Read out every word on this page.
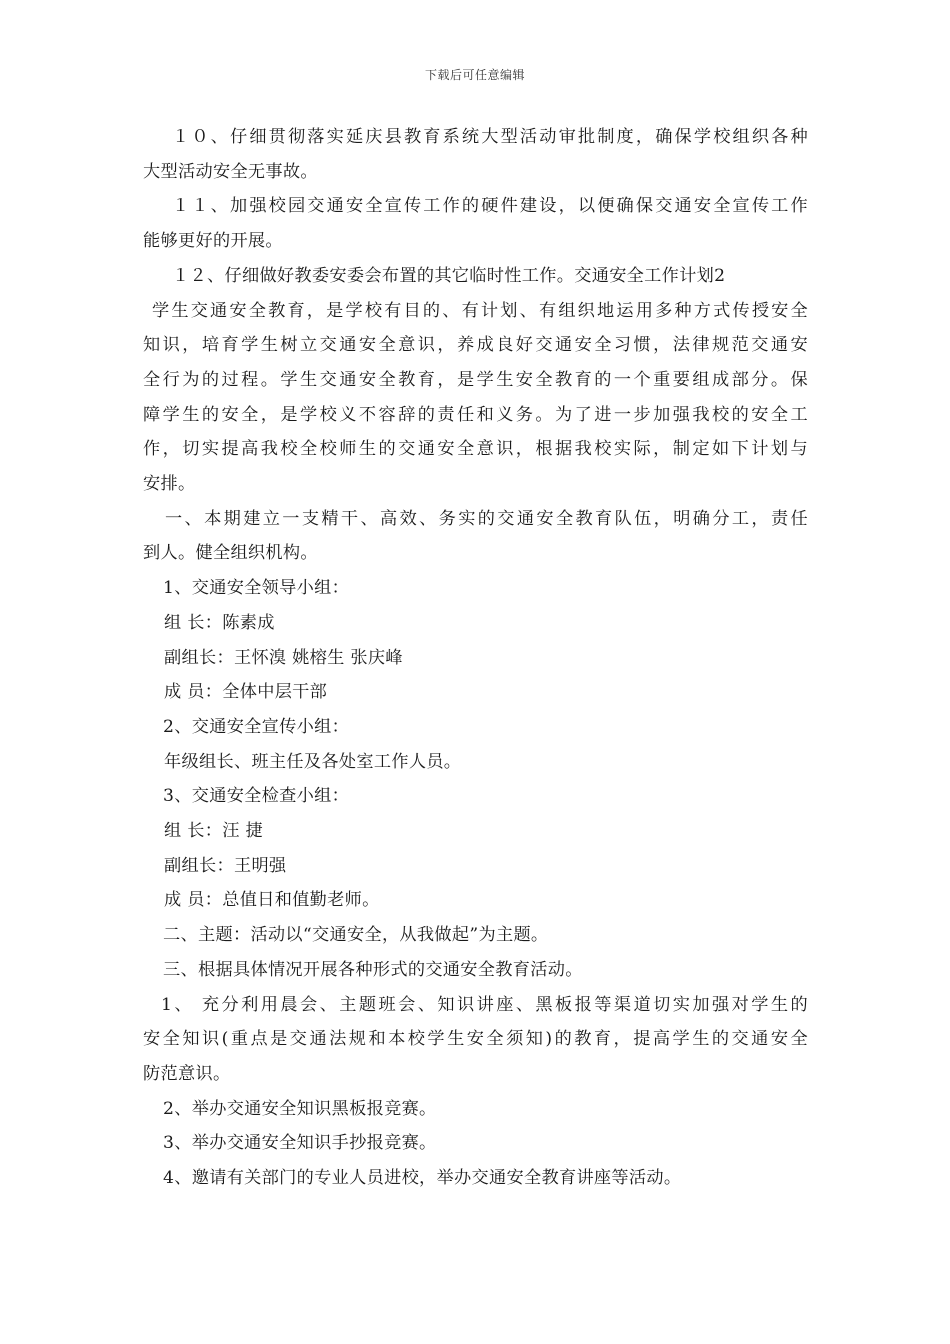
下载后可任意编辑

１０、仔细贯彻落实延庆县教育系统大型活动审批制度，确保学校组织各种

大型活动安全无事故。

１１、加强校园交通安全宣传工作的硬件建设，以便确保交通安全宣传工作

能够更好的开展。

１２、仔细做好教委安委会布置的其它临时性工作。交通安全工作计划2

学生交通安全教育，是学校有目的、有计划、有组织地运用多种方式传授安全

知识，培育学生树立交通安全意识，养成良好交通安全习惯，法律规范交通安

全行为的过程。学生交通安全教育，是学生安全教育的一个重要组成部分。保

障学生的安全，是学校义不容辞的责任和义务。为了进一步加强我校的安全工

作，切实提高我校全校师生的交通安全意识，根据我校实际，制定如下计划与

安排。

一、本期建立一支精干、高效、务实的交通安全教育队伍，明确分工，责任

到人。健全组织机构。

1、交通安全领导小组：

组 长：陈素成

副组长：王怀溴 姚榕生 张庆峰

成 员：全体中层干部

2、交通安全宣传小组：

年级组长、班主任及各处室工作人员。

3、交通安全检查小组：

组 长：汪 捷

副组长：王明强

成 员：总值日和值勤老师。

二、主题：活动以“交通安全，从我做起”为主题。

三、根据具体情况开展各种形式的交通安全教育活动。

1、 充分利用晨会、主题班会、知识讲座、黑板报等渠道切实加强对学生的

安全知识(重点是交通法规和本校学生安全须知)的教育，提高学生的交通安全

防范意识。

2、举办交通安全知识黑板报竞赛。

3、举办交通安全知识手抄报竞赛。

4、邀请有关部门的专业人员进校，举办交通安全教育讲座等活动。
